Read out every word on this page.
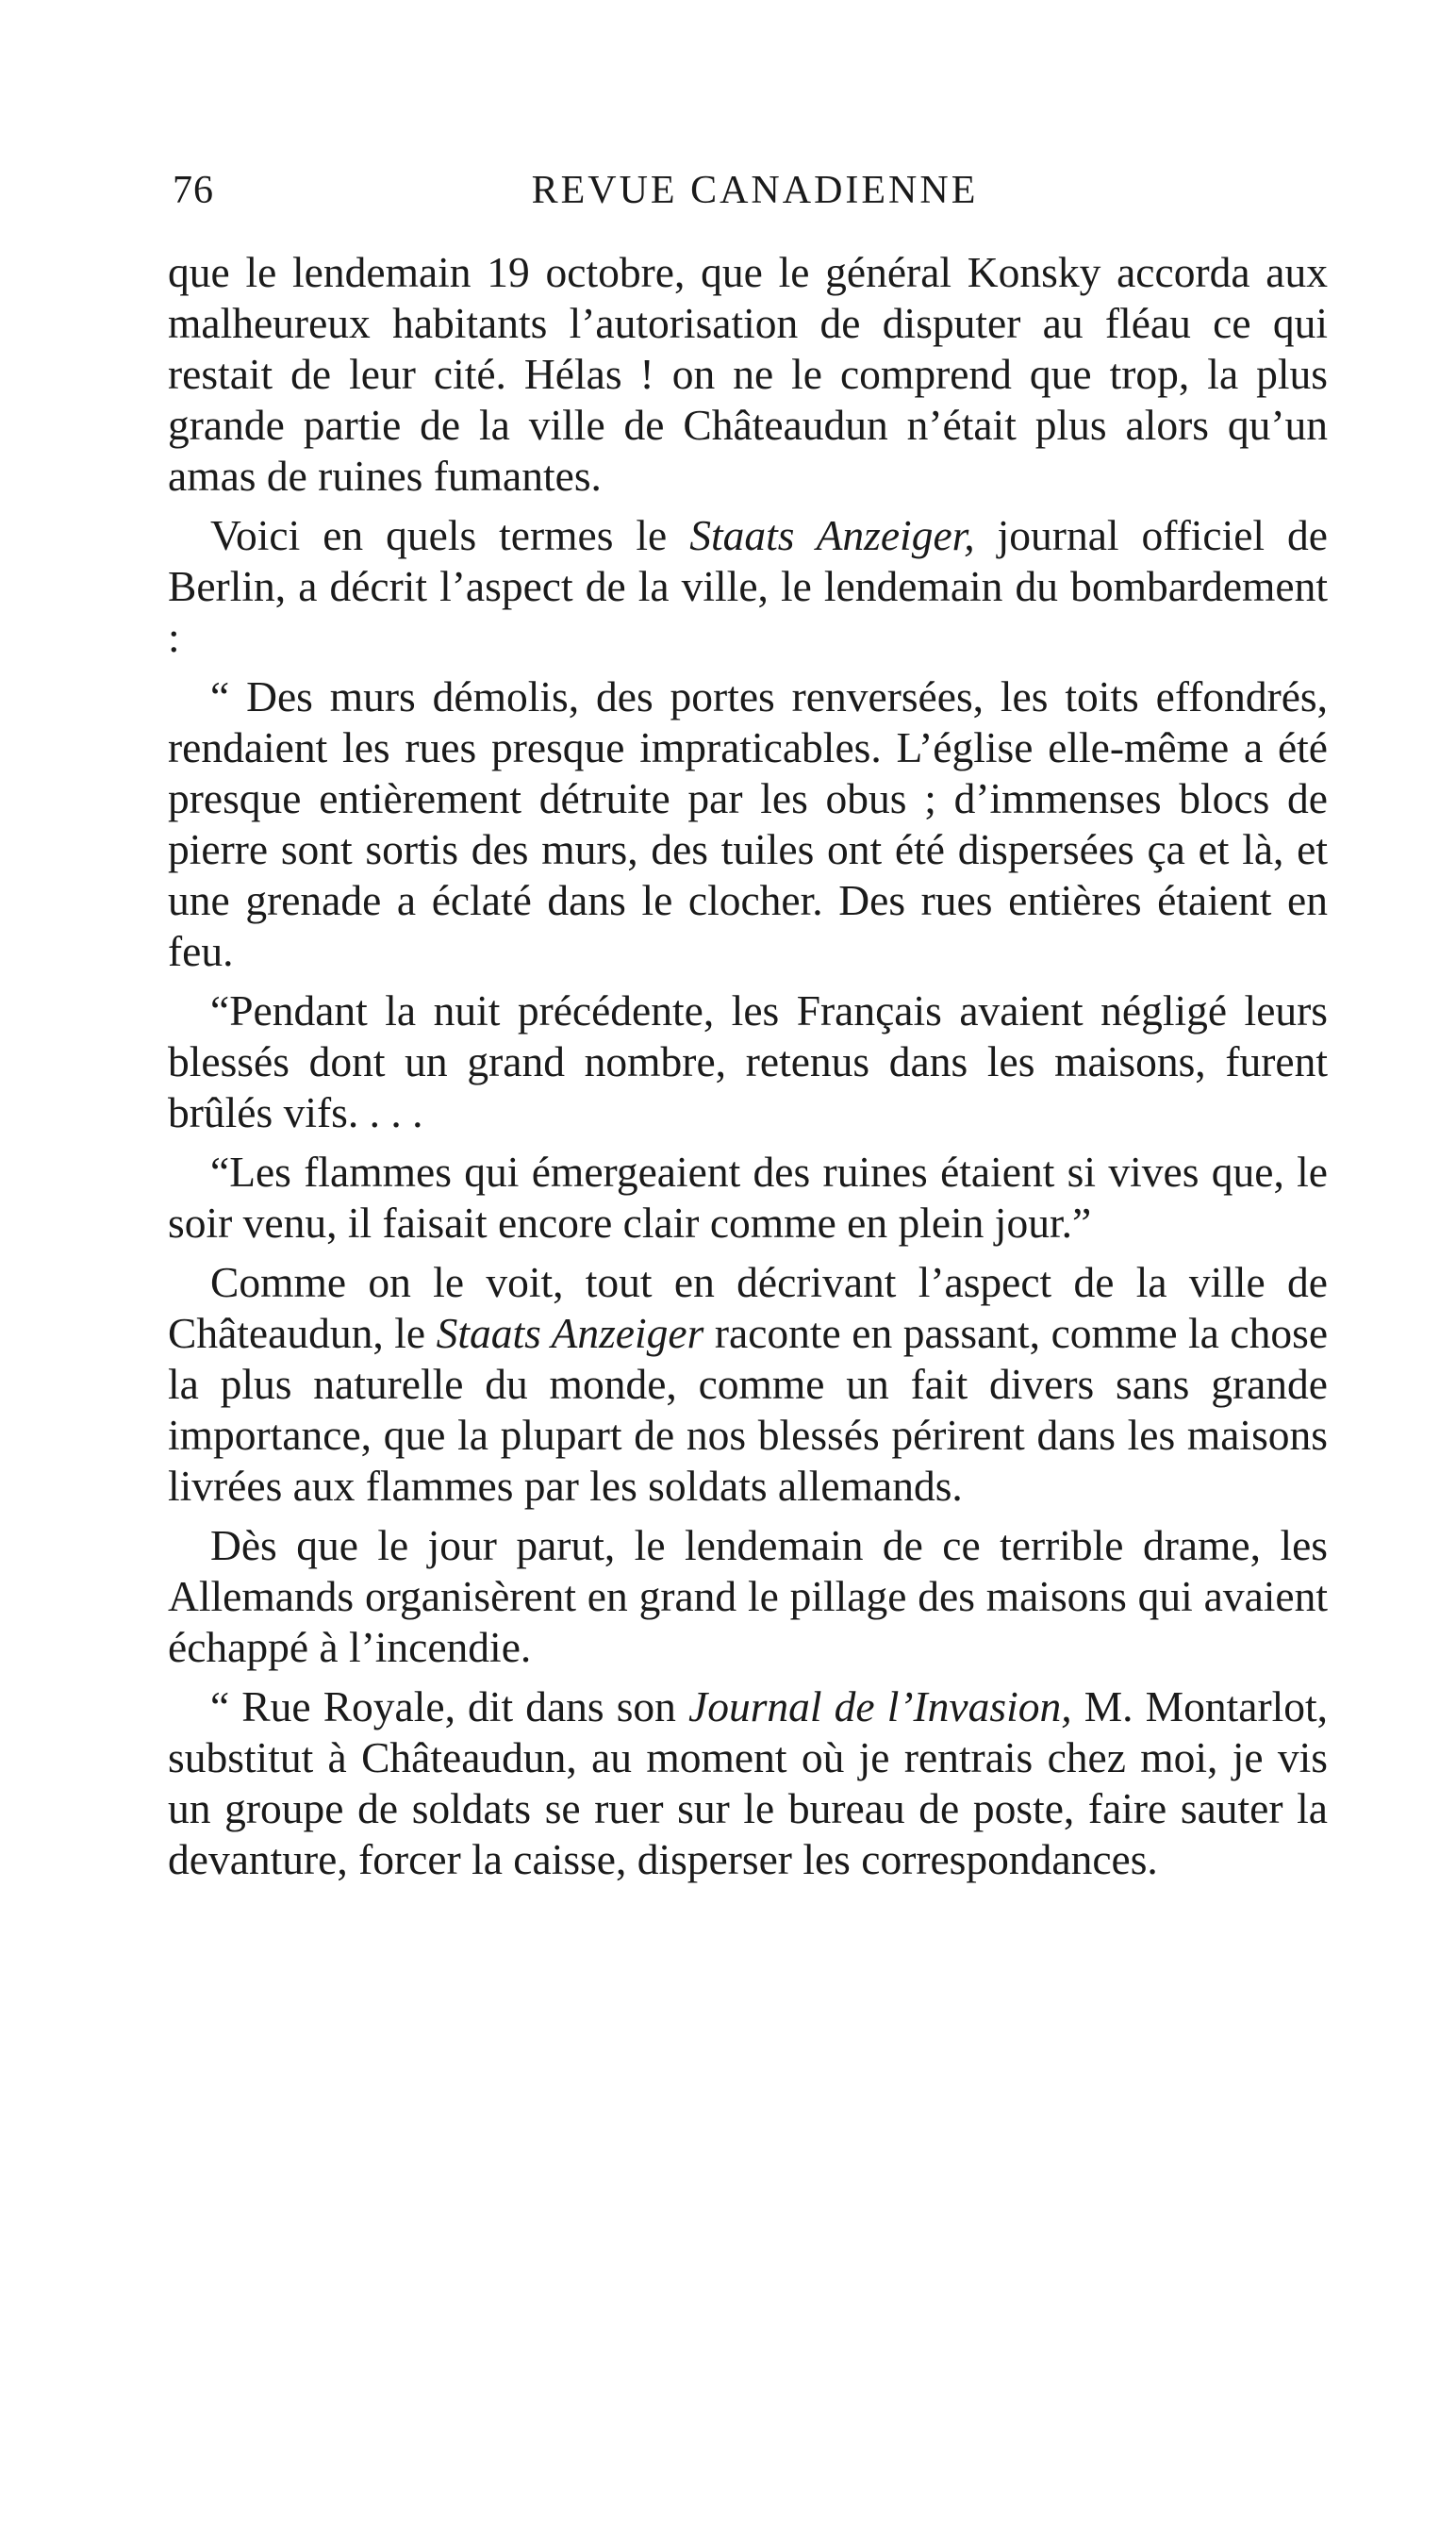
76	REVUE CANADIENNE

que le lendemain 19 octobre, que le général Konsky accorda aux malheureux habitants l’autorisation de disputer au fléau ce qui restait de leur cité. Hélas ! on ne le comprend que trop, la plus grande partie de la ville de Châteaudun n’était plus alors qu’un amas de ruines fumantes.

Voici en quels termes le Staats Anzeiger, journal officiel de Berlin, a décrit l’aspect de la ville, le lendemain du bombardement :

“ Des murs démolis, des portes renversées, les toits effondrés, rendaient les rues presque impraticables. L’église elle-même a été presque entièrement détruite par les obus ; d’immenses blocs de pierre sont sortis des murs, des tuiles ont été dispersées ça et là, et une grenade a éclaté dans le clocher. Des rues entières étaient en feu.

“Pendant la nuit précédente, les Français avaient négligé leurs blessés dont un grand nombre, retenus dans les maisons, furent brûlés vifs. . . .

“Les flammes qui émergeaient des ruines étaient si vives que, le soir venu, il faisait encore clair comme en plein jour.”

Comme on le voit, tout en décrivant l’aspect de la ville de Châteaudun, le Staats Anzeiger raconte en passant, comme la chose la plus naturelle du monde, comme un fait divers sans grande importance, que la plupart de nos blessés périrent dans les maisons livrées aux flammes par les soldats allemands.

Dès que le jour parut, le lendemain de ce terrible drame, les Allemands organisèrent en grand le pillage des maisons qui avaient échappé à l’incendie.

“ Rue Royale, dit dans son Journal de l’Invasion, M. Montarlot, substitut à Châteaudun, au moment où je rentrais chez moi, je vis un groupe de soldats se ruer sur le bureau de poste, faire sauter la devanture, forcer la caisse, disperser les correspondances.
